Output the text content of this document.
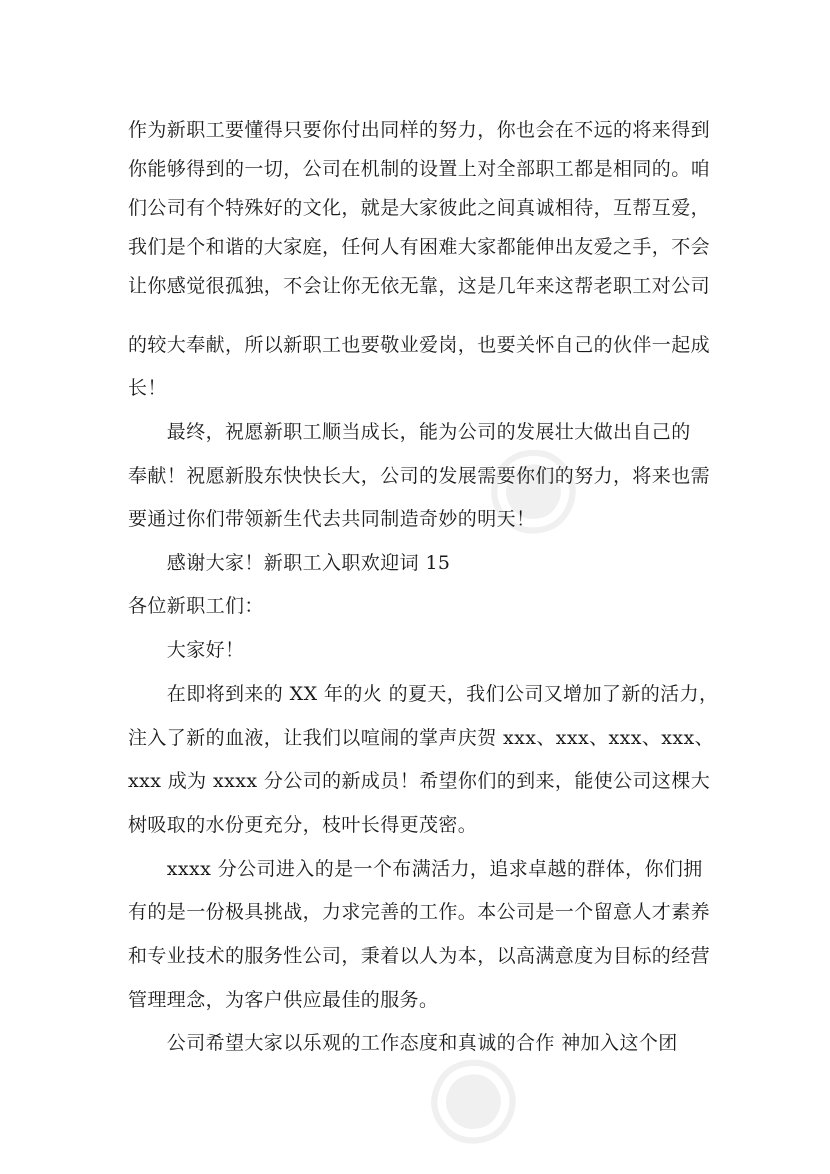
◉
◉
作为新职工要懂得只要你付出同样的努力，你也会在不远的将来得到
你能够得到的一切，公司在机制的设置上对全部职工都是相同的。咱
们公司有个特殊好的文化，就是大家彼此之间真诚相待，互帮互爱，
我们是个和谐的大家庭，任何人有困难大家都能伸出友爱之手，不会
让你感觉很孤独，不会让你无依无靠，这是几年来这帮老职工对公司
的较大奉献，所以新职工也要敬业爱岗，也要关怀自己的伙伴一起成
长！
　　最终，祝愿新职工顺当成长，能为公司的发展壮大做出自己的
奉献！祝愿新股东快快长大，公司的发展需要你们的努力，将来也需
要通过你们带领新生代去共同制造奇妙的明天！
　　感谢大家！新职工入职欢迎词 15
各位新职工们：
　　大家好！
　　在即将到来的 XX 年的火 的夏天，我们公司又增加了新的活力，
注入了新的血液，让我们以喧闹的掌声庆贺 xxx、xxx、xxx、xxx、
xxx 成为 xxxx 分公司的新成员！希望你们的到来，能使公司这棵大
树吸取的水份更充分，枝叶长得更茂密。
　　xxxx 分公司进入的是一个布满活力，追求卓越的群体，你们拥
有的是一份极具挑战，力求完善的工作。本公司是一个留意人才素养
和专业技术的服务性公司，秉着以人为本，以高满意度为目标的经营
管理理念，为客户供应最佳的服务。
　　公司希望大家以乐观的工作态度和真诚的合作 神加入这个团
